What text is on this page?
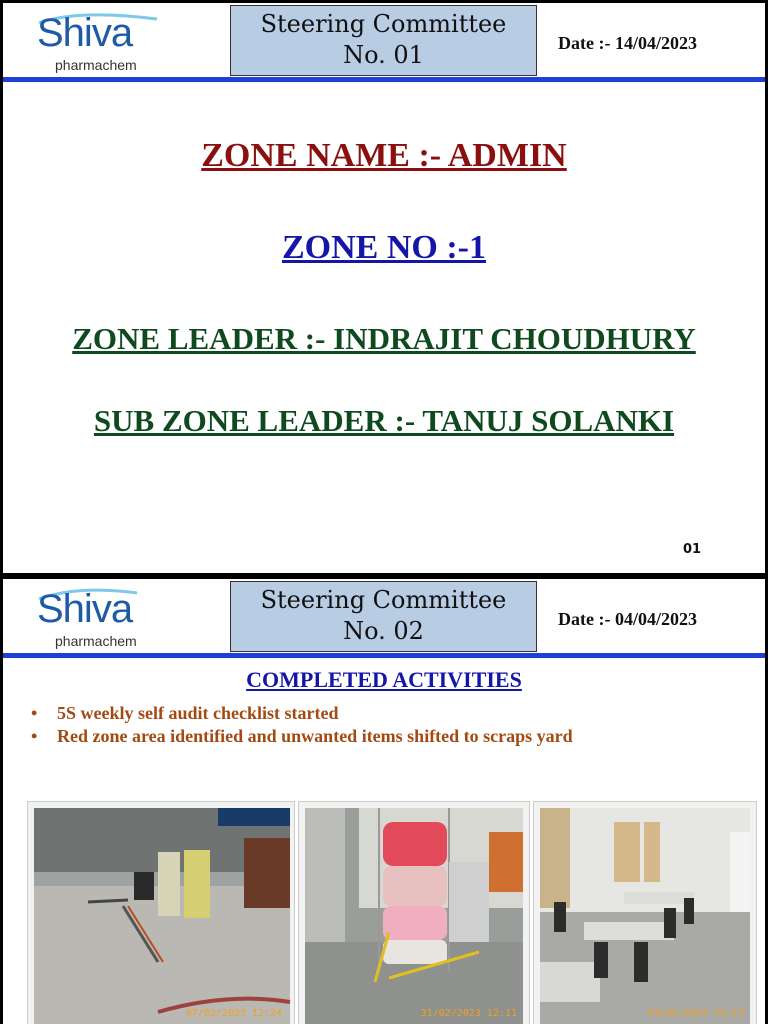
Shiva
pharmachem
Steering Committee
No. 01	Date :- 14/04/2023
ZONE NAME :- ADMIN
ZONE NO :-1
ZONE LEADER :- INDRAJIT CHOUDHURY
SUB ZONE LEADER :- TANUJ SOLANKI
01
Shiva
pharmachem
Steering Committee
No. 02	Date :- 04/04/2023
COMPLETED ACTIVITIES
• 5S weekly self audit checklist started
• Red zone area identified and unwanted items shifted to scraps yard
07/02/2023 12:24	31/02/2023 12:11	03/02/2023 12:13
